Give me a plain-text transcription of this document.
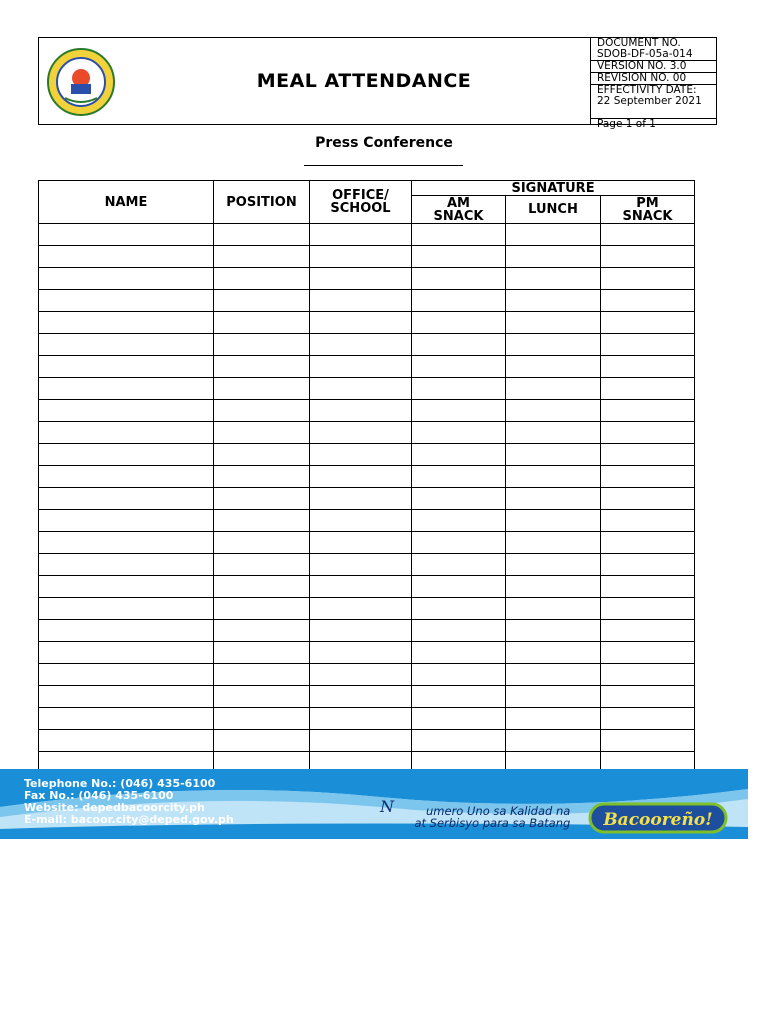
MEAL ATTENDANCE
DOCUMENT NO.
SDOB-DF-05a-014
VERSION NO. 3.0
REVISION NO. 00
EFFECTIVITY DATE:
22 September 2021
Page 1 of 1
Press Conference
NAME	POSITION	OFFICE/ SCHOOL	SIGNATURE		
			AM SNACK	LUNCH	PM SNACK

Telephone No.: (046) 435-6100
Fax No.: (046) 435-6100
Website: depedbacoorcity.ph
E-mail: bacoor.city@deped.gov.ph
N	umero Uno sa Kalidad na
at Serbisyo para sa Batang Bacooreño!
